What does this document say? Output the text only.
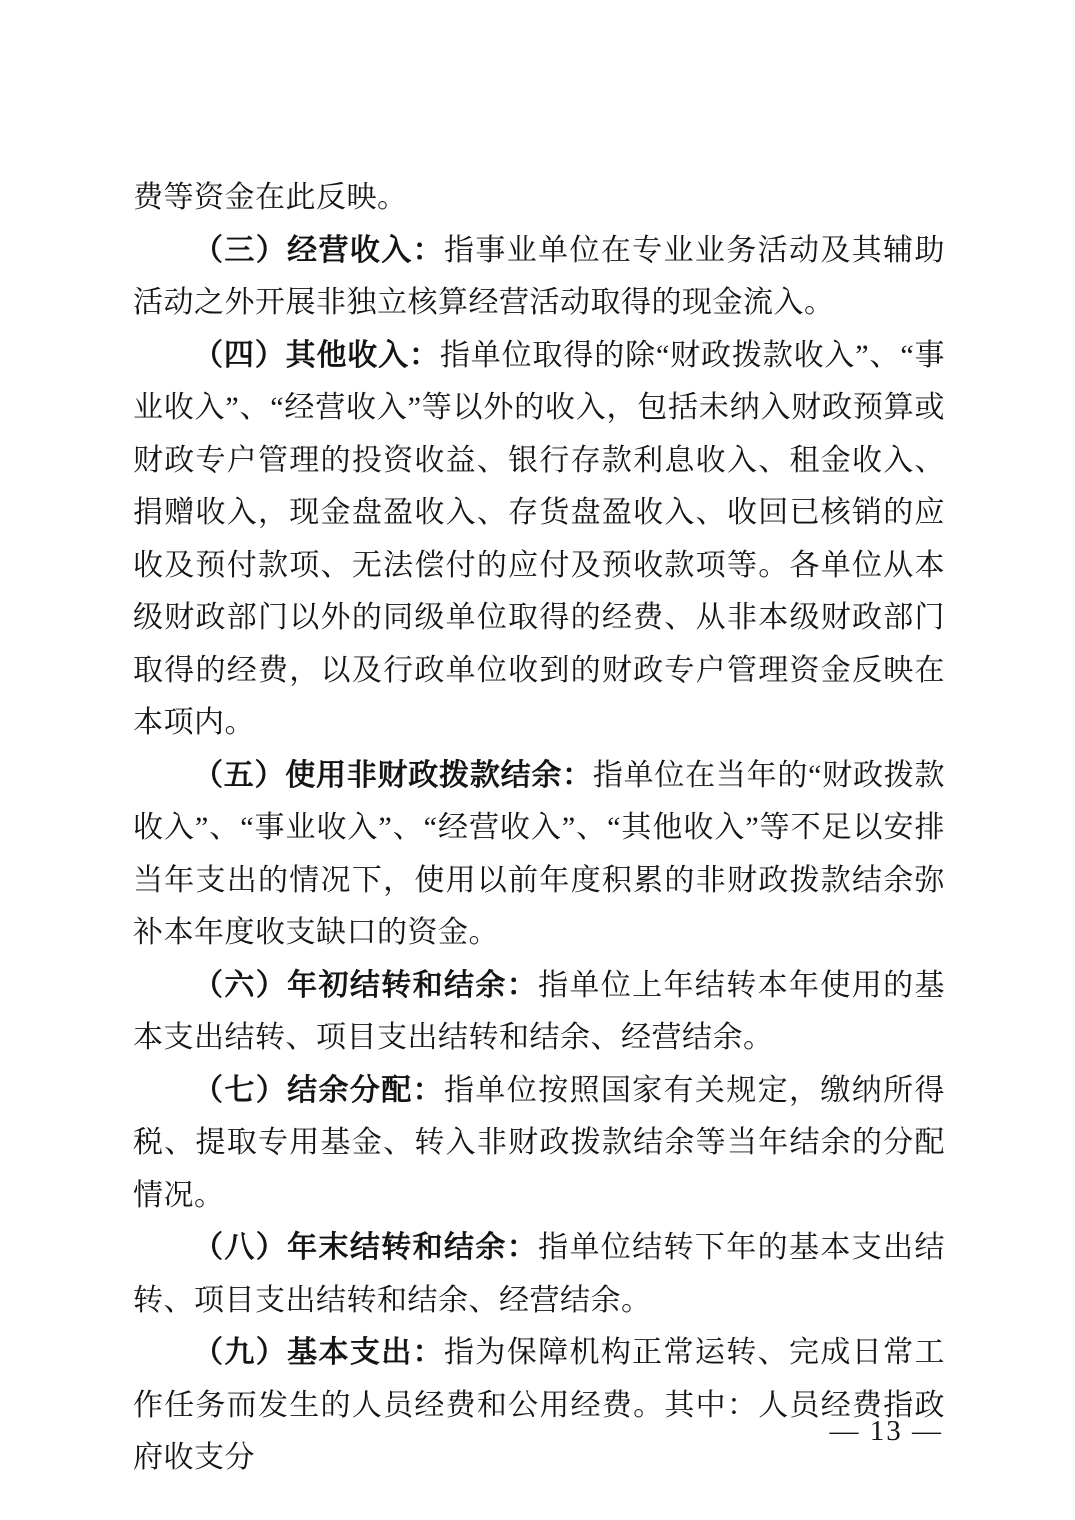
费等资金在此反映。

（三）经营收入：指事业单位在专业业务活动及其辅助活动之外开展非独立核算经营活动取得的现金流入。

（四）其他收入：指单位取得的除“财政拨款收入”、“事业收入”、“经营收入”等以外的收入，包括未纳入财政预算或财政专户管理的投资收益、银行存款利息收入、租金收入、捐赠收入，现金盘盈收入、存货盘盈收入、收回已核销的应收及预付款项、无法偿付的应付及预收款项等。各单位从本级财政部门以外的同级单位取得的经费、从非本级财政部门取得的经费，以及行政单位收到的财政专户管理资金反映在本项内。

（五）使用非财政拨款结余：指单位在当年的“财政拨款收入”、“事业收入”、“经营收入”、“其他收入”等不足以安排当年支出的情况下，使用以前年度积累的非财政拨款结余弥补本年度收支缺口的资金。

（六）年初结转和结余：指单位上年结转本年使用的基本支出结转、项目支出结转和结余、经营结余。

（七）结余分配：指单位按照国家有关规定，缴纳所得税、提取专用基金、转入非财政拨款结余等当年结余的分配情况。

（八）年末结转和结余：指单位结转下年的基本支出结转、项目支出结转和结余、经营结余。

（九）基本支出：指为保障机构正常运转、完成日常工作任务而发生的人员经费和公用经费。其中：人员经费指政府收支分

— 13 —
